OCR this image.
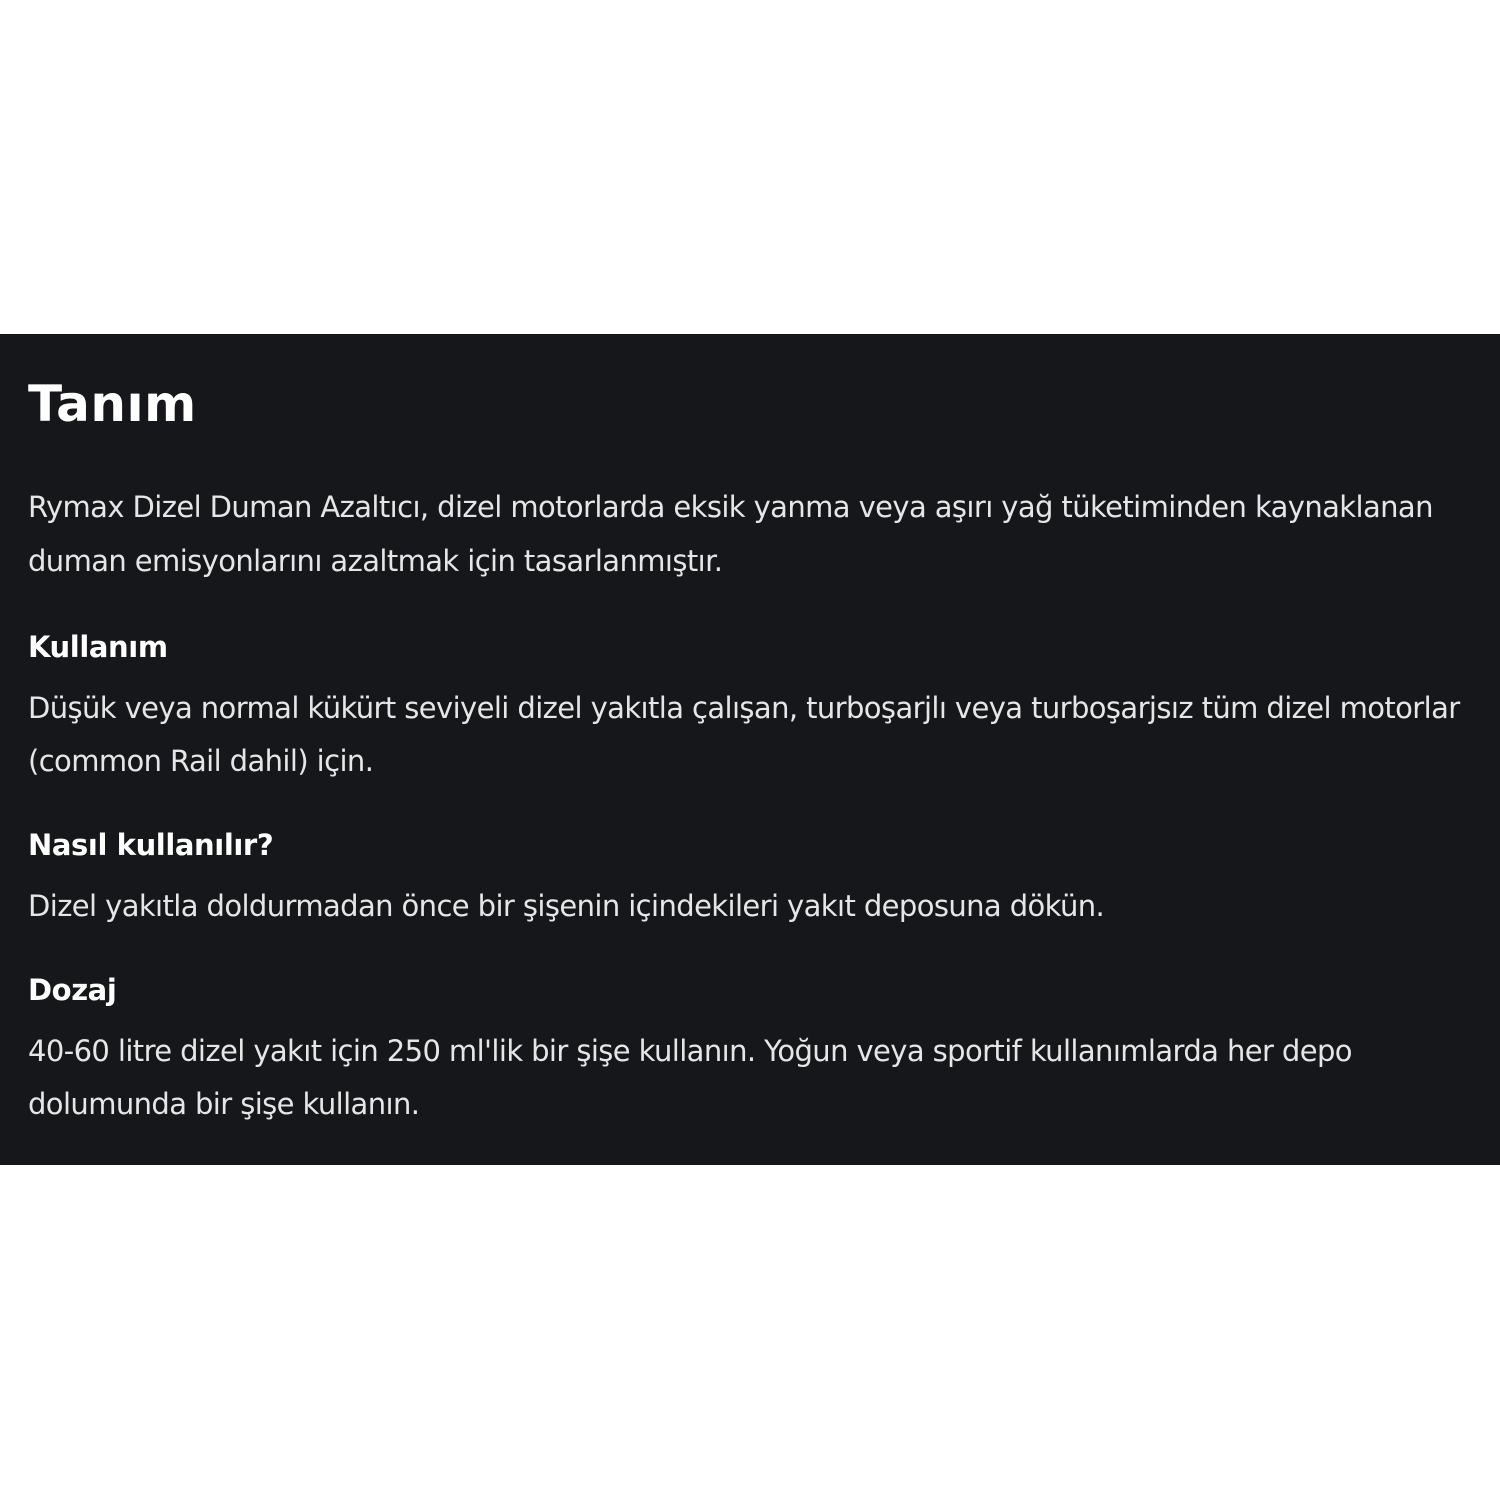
Tanım

Rymax Dizel Duman Azaltıcı, dizel motorlarda eksik yanma veya aşırı yağ tüketiminden kaynaklanan duman emisyonlarını azaltmak için tasarlanmıştır.

Kullanım

Düşük veya normal kükürt seviyeli dizel yakıtla çalışan, turboşarjlı veya turboşarjsız tüm dizel motorlar (common Rail dahil) için.

Nasıl kullanılır?

Dizel yakıtla doldurmadan önce bir şişenin içindekileri yakıt deposuna dökün.

Dozaj

40-60 litre dizel yakıt için 250 ml'lik bir şişe kullanın. Yoğun veya sportif kullanımlarda her depo dolumunda bir şişe kullanın.
